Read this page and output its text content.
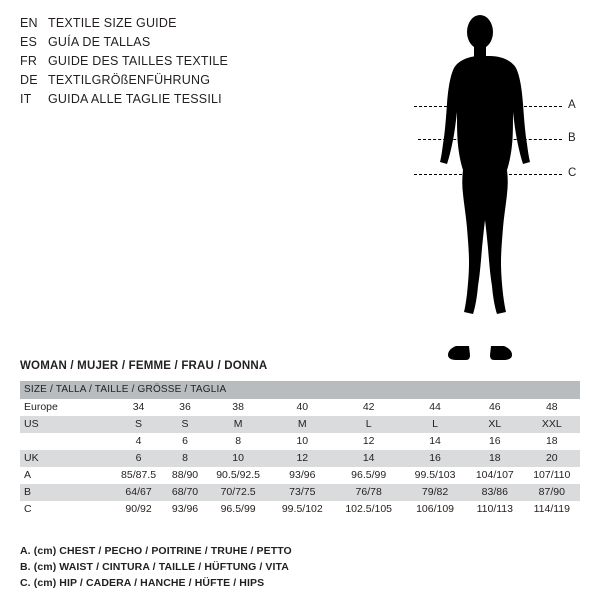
EN TEXTILE SIZE GUIDE
ES GUÍA DE TALLAS
FR GUIDE DES TAILLES TEXTILE
DE TEXTILGRÖßENFÜHRUNG
IT	GUIDA ALLE TAGLIE TESSILI	A
B
C
WOMAN / MUJER / FEMME / FRAU / DONNA
SIZE / TALLA / TAILLE / GRÖSSE / TAGLIA								
Europe	34	36	38	40	42	44	46	48
US	S	S	M	M	L	L	XL	XXL
	4	6	8	10	12	14	16	18
UK	6	8	10	12	14	16	18	20
A	85/87.5	88/90	90.5/92.5	93/96	96.5/99	99.5/103	104/107	107/110
B	64/67	68/70	70/72.5	73/75	76/78	79/82	83/86	87/90
C	90/92	93/96	96.5/99	99.5/102	102.5/105	106/109	110/113	114/119
A. (cm) CHEST / PECHO / POITRINE / TRUHE / PETTO
B. (cm) WAIST / CINTURA / TAILLE / HÜFTUNG / VITA
C. (cm) HIP / CADERA / HANCHE / HÜFTE / HIPS
